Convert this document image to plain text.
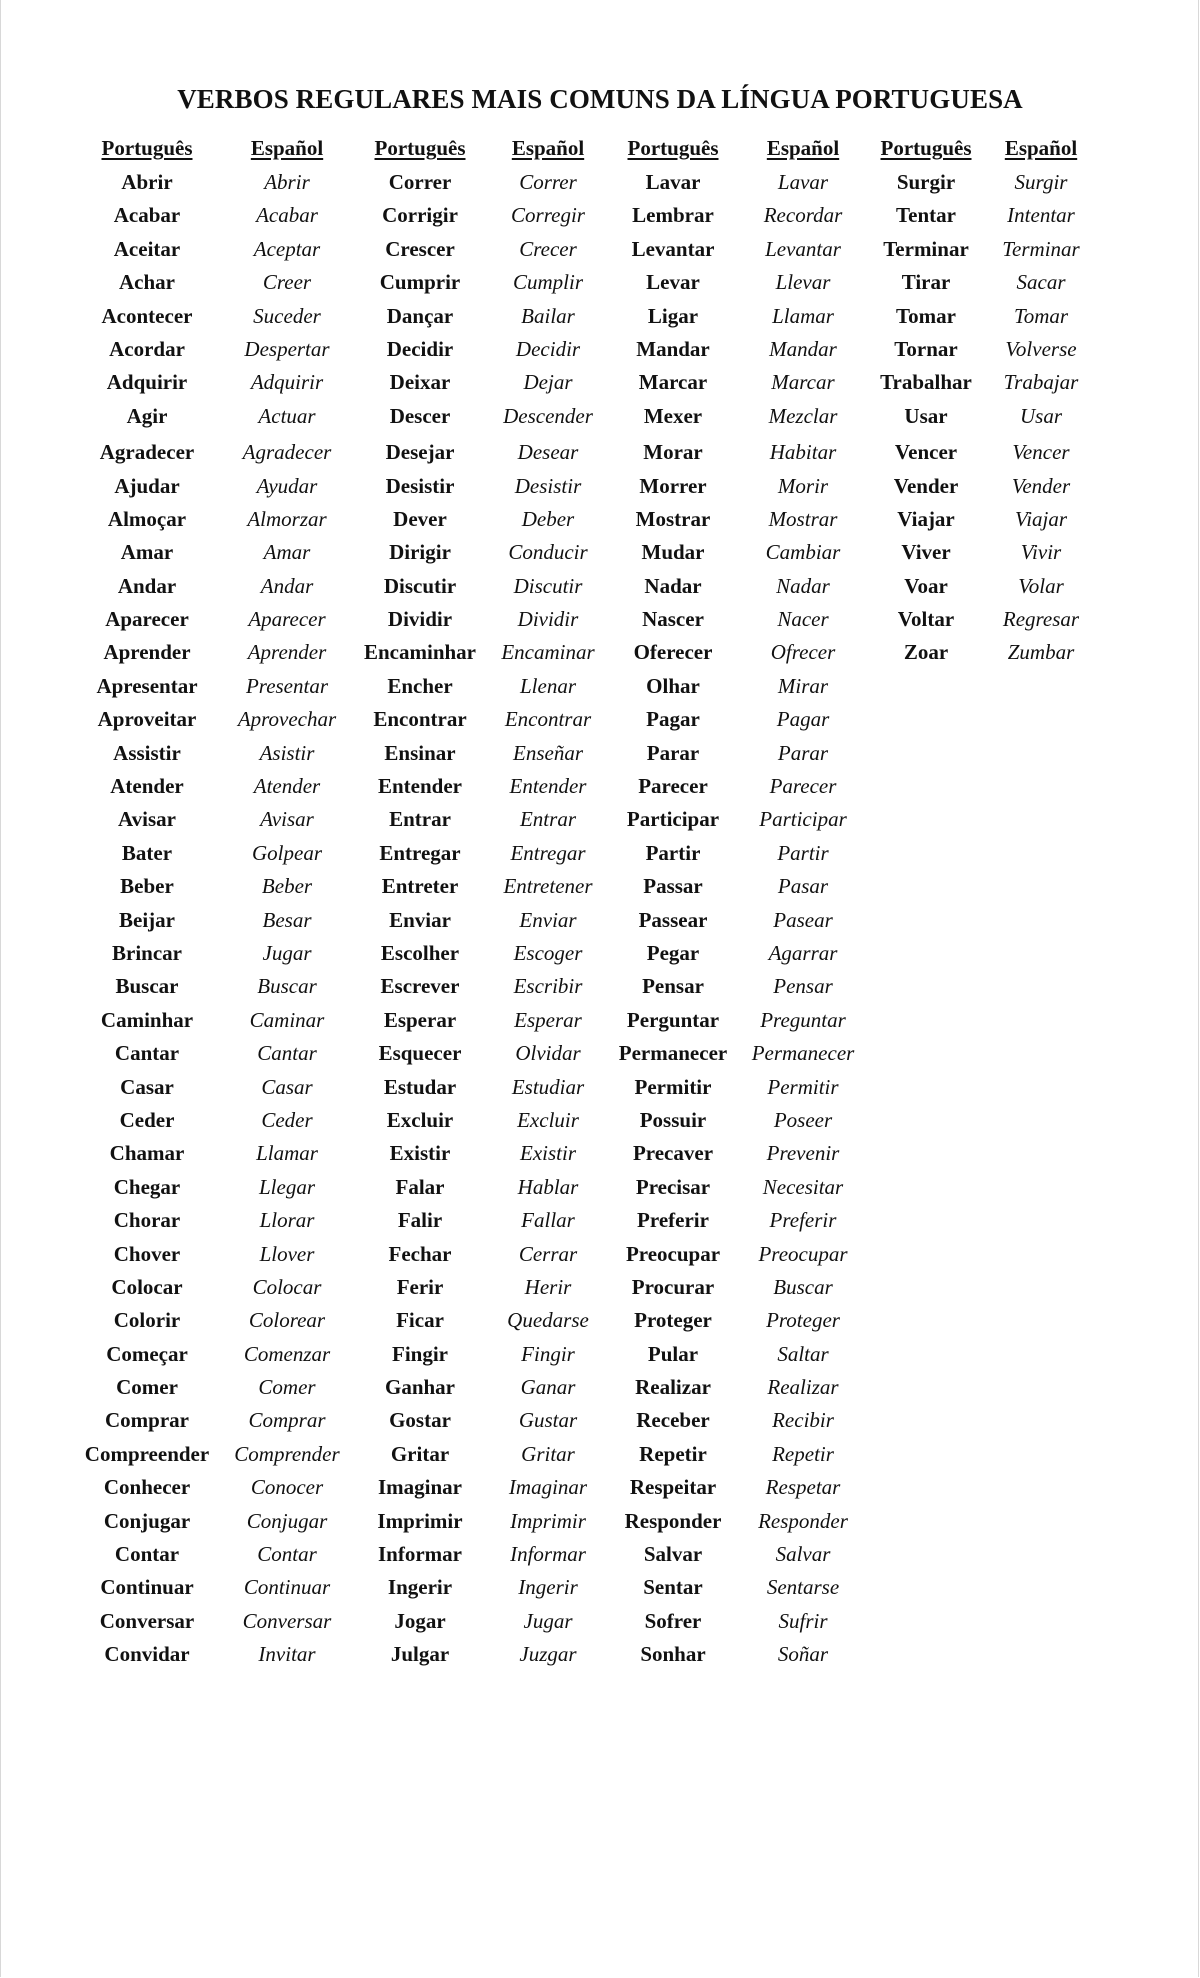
VERBOS REGULARES MAIS COMUNS DA LÍNGUA PORTUGUESA
Português
Abrir
Acabar
Aceitar
Achar
Acontecer
Acordar
Adquirir
Agir
Agradecer
Ajudar
Almoçar
Amar
Andar
Aparecer
Aprender
Apresentar
Aproveitar
Assistir
Atender
Avisar
Bater
Beber
Beijar
Brincar
Buscar
Caminhar
Cantar
Casar
Ceder
Chamar
Chegar
Chorar
Chover
Colocar
Colorir
Começar
Comer
Comprar
Compreender
Conhecer
Conjugar
Contar
Continuar
Conversar
Convidar
Español
Abrir
Acabar
Aceptar
Creer
Suceder
Despertar
Adquirir
Actuar
Agradecer
Ayudar
Almorzar
Amar
Andar
Aparecer
Aprender
Presentar
Aprovechar
Asistir
Atender
Avisar
Golpear
Beber
Besar
Jugar
Buscar
Caminar
Cantar
Casar
Ceder
Llamar
Llegar
Llorar
Llover
Colocar
Colorear
Comenzar
Comer
Comprar
Comprender
Conocer
Conjugar
Contar
Continuar
Conversar
Invitar
Português
Correr
Corrigir
Crescer
Cumprir
Dançar
Decidir
Deixar
Descer
Desejar
Desistir
Dever
Dirigir
Discutir
Dividir
Encaminhar
Encher
Encontrar
Ensinar
Entender
Entrar
Entregar
Entreter
Enviar
Escolher
Escrever
Esperar
Esquecer
Estudar
Excluir
Existir
Falar
Falir
Fechar
Ferir
Ficar
Fingir
Ganhar
Gostar
Gritar
Imaginar
Imprimir
Informar
Ingerir
Jogar
Julgar
Español
Correr
Corregir
Crecer
Cumplir
Bailar
Decidir
Dejar
Descender
Desear
Desistir
Deber
Conducir
Discutir
Dividir
Encaminar
Llenar
Encontrar
Enseñar
Entender
Entrar
Entregar
Entretener
Enviar
Escoger
Escribir
Esperar
Olvidar
Estudiar
Excluir
Existir
Hablar
Fallar
Cerrar
Herir
Quedarse
Fingir
Ganar
Gustar
Gritar
Imaginar
Imprimir
Informar
Ingerir
Jugar
Juzgar
Português
Lavar
Lembrar
Levantar
Levar
Ligar
Mandar
Marcar
Mexer
Morar
Morrer
Mostrar
Mudar
Nadar
Nascer
Oferecer
Olhar
Pagar
Parar
Parecer
Participar
Partir
Passar
Passear
Pegar
Pensar
Perguntar
Permanecer
Permitir
Possuir
Precaver
Precisar
Preferir
Preocupar
Procurar
Proteger
Pular
Realizar
Receber
Repetir
Respeitar
Responder
Salvar
Sentar
Sofrer
Sonhar
Español
Lavar
Recordar
Levantar
Llevar
Llamar
Mandar
Marcar
Mezclar
Habitar
Morir
Mostrar
Cambiar
Nadar
Nacer
Ofrecer
Mirar
Pagar
Parar
Parecer
Participar
Partir
Pasar
Pasear
Agarrar
Pensar
Preguntar
Permanecer
Permitir
Poseer
Prevenir
Necesitar
Preferir
Preocupar
Buscar
Proteger
Saltar
Realizar
Recibir
Repetir
Respetar
Responder
Salvar
Sentarse
Sufrir
Soñar
Português
Surgir
Tentar
Terminar
Tirar
Tomar
Tornar
Trabalhar
Usar
Vencer
Vender
Viajar
Viver
Voar
Voltar
Zoar
Español
Surgir
Intentar
Terminar
Sacar
Tomar
Volverse
Trabajar
Usar
Vencer
Vender
Viajar
Vivir
Volar
Regresar
Zumbar
